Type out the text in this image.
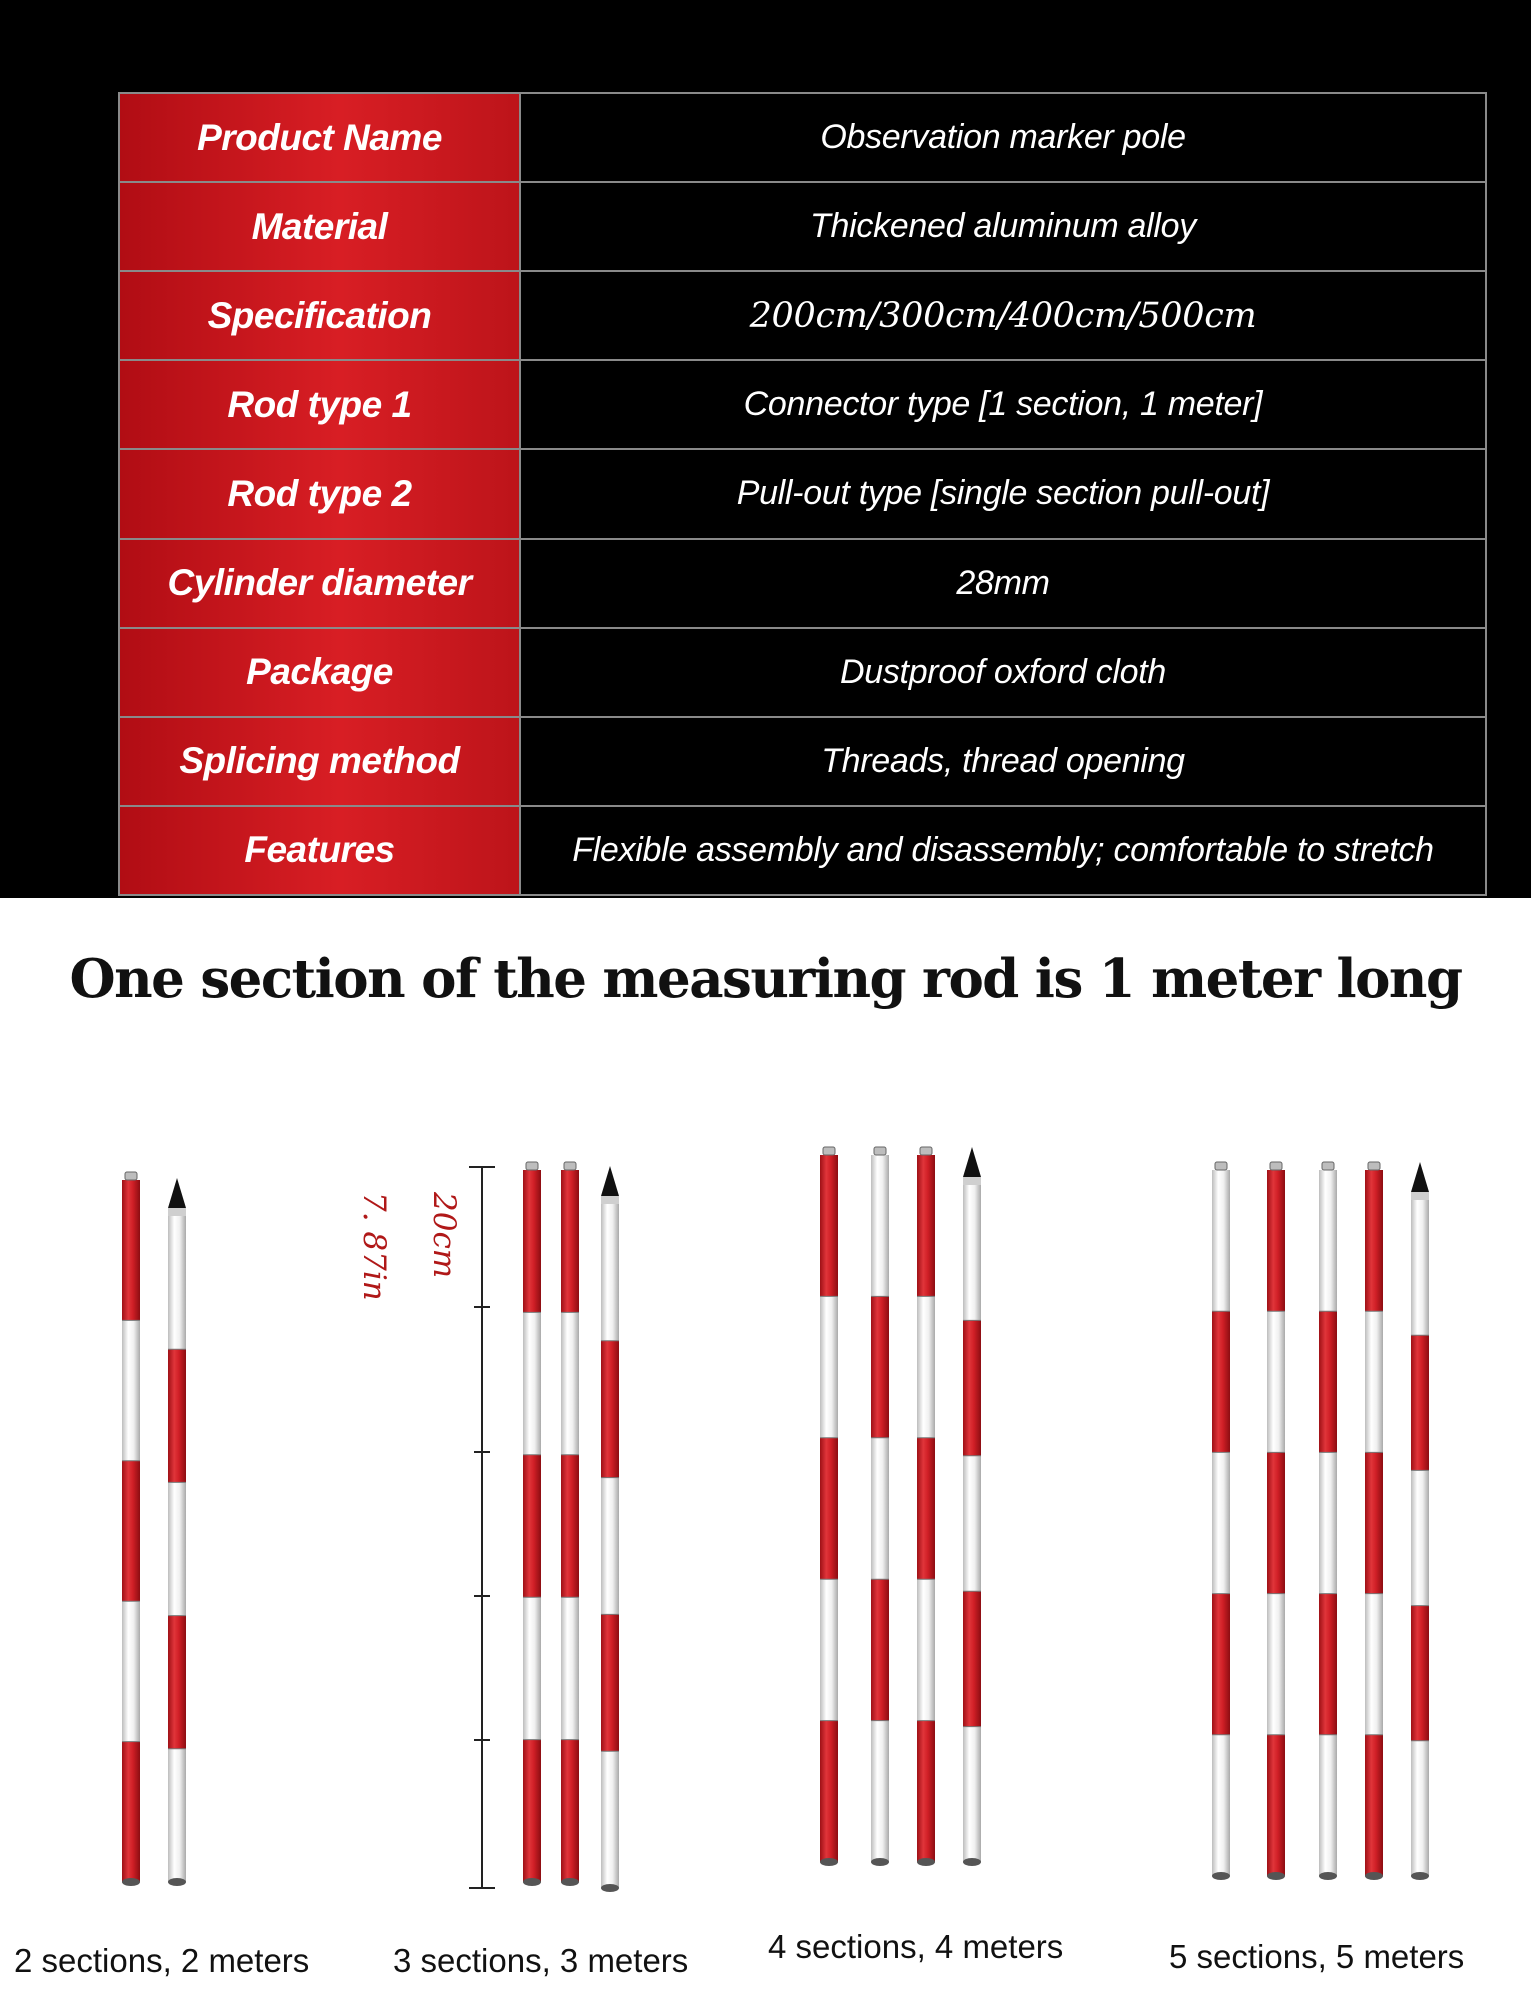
Product Name	Observation marker pole
Material	Thickened aluminum alloy
Specification	200cm/300cm/400cm/500cm
Rod type 1	Connector type [1 section, 1 meter]
Rod type 2	Pull-out type [single section pull-out]
Cylinder diameter	28mm
Package	Dustproof oxford cloth
Splicing method	Threads, thread opening
Features	Flexible assembly and disassembly; comfortable to stretch
One section of the measuring rod is 1 meter long
20cm
7. 87in
2 sections, 2 meters	3 sections, 3 meters 4 sections, 4 meters	5 sections, 5 meters
